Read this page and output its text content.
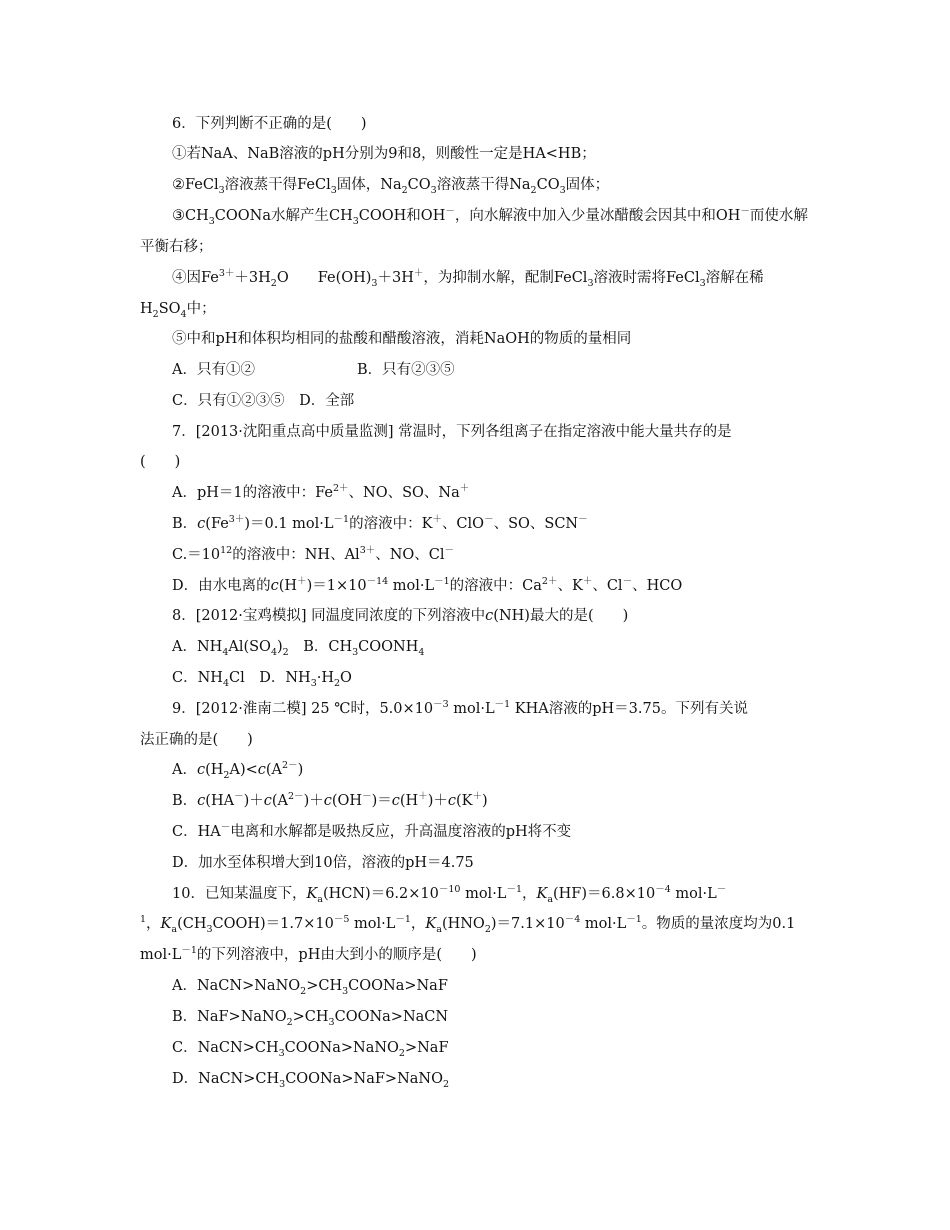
6．下列判断不正确的是(　　)
①若NaA、NaB溶液的pH分别为9和8，则酸性一定是HA<HB；
②FeCl$_3$溶液蒸干得FeCl$_3$固体，$Na_2CO_3$溶液蒸干得$Na_2CO_3$固体；
$③CH_3COONa$水解产生$CH_3COOH$和OH－，向水解液中加入少量冰醋酸会因其中和OH－而使水解
平衡右移；
④因$Fe^{3+}+3H_2O$　　$Fe(OH)_3+3H^+$，为抑制水解，配制FeCl$_3$溶液时需将FeCl$_3$溶解在稀
$H_2SO_4$中；
⑤中和pH和体积均相同的盐酸和醋酸溶液，消耗NaOH的物质的量相同
A．只有①②	B．只有②③⑤
C．只有①②③⑤　D．全部
7．[2013·沈阳重点高中质量监测] 常温时，下列各组离子在指定溶液中能大量共存的是
(　　)
A．pH＝1的溶液中：$Fe^{2+}$、NO、SO、Na＋
B．$c(Fe^{3+})=0.1$ $mol\cdot L^{-1}$的溶液中：K＋、ClO－、SO、SCN－
$C.=10^{12}$的溶液中：NH、$Al^{3+}$、NO、Cl－
D．由水电离的$c(H^+)=1\times 10^{-14}$ $mol\cdot L^{-1}$的溶液中：$Ca^{2+}$、K＋、Cl－、HCO
8．[2012·宝鸡模拟] 同温度同浓度的下列溶液中c(NH)最大的是(　　)
A．$NH_4Al(SO_4)_2$　B．$CH_3COONH_4$
C．$NH_4Cl$　D．$NH_3\cdot H_2O$
9．[2012·淮南二模] 25 ℃时，$5.0\times 10^{-3}$ $mol\cdot L^{-1}$ KHA溶液的pH＝3.75。下列有关说
法正确的是(　　)
A．$c(H_2A)<c(A^{2-})$
B．$c(HA^-)+c(A^{2-})+c(OH^-)=c(H^+)+c(K^+)$
C．HA－电离和水解都是吸热反应，升高温度溶液的pH将不变
D．加水至体积增大到10倍，溶液的pH＝4.75
10．已知某温度下，$K_a(HCN)=6.2\times 10^{-10}$ $mol\cdot L^{-1}$，$K_a(HF)=6.8\times 10^{-4}$ mol·L－
$^1$，$K_a(CH_3COOH)=1.7\times 10^{-5}$ $mol\cdot L^{-1}$，$K_a(HNO_2)=7.1\times 10^{-4}$ $mol\cdot L^{-1}$。物质的量浓度均为0.1
$mol\cdot L^{-1}$的下列溶液中，pH由大到小的顺序是(　　)
A．$NaCN>NaNO_2>CH_3COONa>NaF$
B．$NaF>NaNO_2>CH_3COONa>NaCN$
C．$NaCN>CH_3COONa>NaNO_2>NaF$
D．$NaCN>CH_3COONa>NaF>NaNO_2$
